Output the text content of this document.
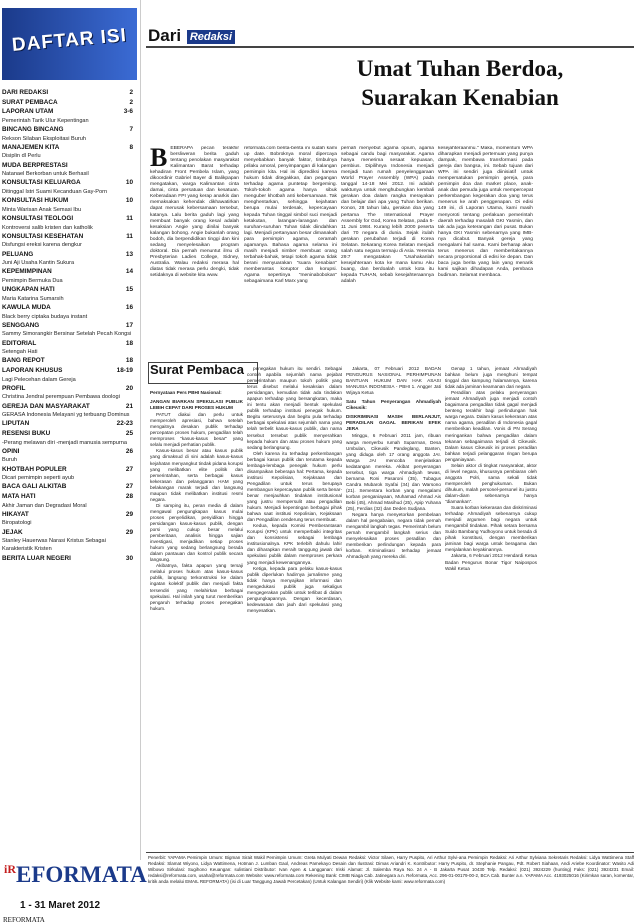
DAFTAR ISI
DARI REDAKSI	2
SURAT PEMBACA	2
LAPORAN UTAM	3-6
Pemerintah Tarik Ulur Kepentingan
BINCANG BINCANG	7
Rekson Silaban Eksploitasi Buruh
MANAJEMEN KITA	8
Disiplin dl Perlu
MUDA BERPRESTASI
Natanael Berkorban untuk Berhasil
KONSULTASI KELUARGA	10
Ditinggal Istri Suami Kecanduan Gay-Porn
KONSULTASI HUKUM	10
Minta Warisan Anak Semasi Ibu
KONSULTASI TEOLOGI	11
Kontroversi salib kristen dan katholik
KONSULTASI KESEHATAN	11
Disfungsi ereksi karena dengkur
PELUANG	13
Juni Aji Usaha Kantin Sukura
KEPEMIMPINAN	14
Pemimpin Bermuka Dua
UNGKAPAN HATI	15
Maria Katarina Sumarsih
KAWULA MUDA	16
Black berry ciptaka budaya instant
SENGGANG	17
Sammy Simorangkir Bersinar Setelah Pecah Kongsi
EDITORIAL	18
Setengah Hati
BANG REPOT	18
LAPORAN KHUSUS	18-19
Lagi Pelecehan dalam Gereja
PROFIL	20
Christina Jendral perempuan Pembawa doologi
GEREJA DAN MASYARAKAT	21
GERASA Indonesia Melayani yg terbuang Dominus
LIPUTAN	22-23
RESENSI BUKU	25
-Perang melawan diri -menjadi manusia sempurna
OPINI	26
Buruh
KHOTBAH POPULER	27
Dicari pemimpin seperti ayub
BACA GALI ALKITAB	27
MATA HATI	28
Akhir Jaman dan Degradasi Moral
HIKAYAT	29
Biropatologi
JEJAK	29
Stanley Hauerwas Narasi Kristus Sebagai Karakteristik Kristen
BERITA LUAR NEGERI	30
Dari Redaksi
Umat Tuhan Berdoa,
Suarakan Kenabian
B EBERAPA pecan terakhir bersliweran berita gaduh tentang penolakan masyarakat Kalimantan Barat terhadap kehadiran Front Pembela Islam, yang dikoordinir Gabriel Bayer di Balikpapan mengatakan, warga Kalimantan cinta damai, cinta persatuan dan kesatuan. Keberadaan FPI yang kerap anarkis dan memaksakan kehendak dikhawatirkan dapat merusak kebersamaan tersebut, katanya. Lalu berita gaduh lagi yang membuat banyak orang kesal adalah kesaksian Angie yang dinilai banyak kalangan bohong. Angie bukanlah orang bodoh, dia berpendidikan tinggi dan kini sedang menyelesaikan program doktoral. Dia pernah menuntut ilmu di Presbyterian Ladies College, Sidney, Australia. Walau redaksi merasa hal diatas tidak merasa perlu dengki, tidak setidaknya di website kita www.
reformata.com berita-berita ini sudah kami up date. Bobroknya moral dipercaya menyebabkan banyak faktor, timbulnya prilaku amoral, penyimpangan di kalangan pemimpin kita. Hal ini diprediksi karena hukum tidak ditegakkan, dan pegangan terhadap agama puntetap bergeming. Tokoh-tokoh agama hanya sibuk menguber khotbah anti kebersamaan. Tak menghentarkan, sehingga kejahatan berupa mulai terdesak, kepercayaan kepada Tuhan tinggal simbol suci menjadi ketakutan, larangan-larangan dan suruhan-suruhan Tuhan tidak diindahkan lagi. Menjadi pertanyaan besar dimanakah para pemimpin agama, ceramah agamanya. Bahasa agama selama ini masih menjadi nimber membuat orang terbahak-bahak, tetapi tokoh agama tidak berani menyuarakan "suara kenabian" memberantas koruptor dan korupsi. Agama sepertinya "meninabobokan" sebagaimana Karl Marx yang
pernah menyebut agama opium, agama sebagai candu bagi masyarakat. Agama hanya menerima sesaat kepuasan, pembius. Dipilihnya Indonesia menjadi menjadi tuan rumah penyelenggaraan World Prayer Assembly (WPA) pada tanggal 14-18 Mei 2012. Ini adalah waktunya untuk menghubungkan kembali gerakan doa dalam rangka merayakan dan belajar dari apa yang Tuhan berikan. Konon, 28 tahun lalu, gerakan doa yang pertama The International Prayer Assembly for God, Korea Selatan, pada 5-11 Juni 1984. Kurang lebih 2000 peserta dari 70 negara di dunia. Sejak itulah gerakan perubahan terjadi di Korea Selatan. Sekarang Korea Selatan menjadi salah satu negara termaju di Asia. Yeremia 29:7 mengatakan "Usahakanlah kesejahteraan kota ke mana kamu Aku buang, dan berdoalah untuk kota itu kepada TUHAN, sebab kesejahteraannya adalah
kesejahteraanmu." Maka, momentum WPA diharapkan menjadi pertemuan yang punya dampak, membawa transformasi pada gereja dan bangsa, ini. Sebab tujuan dari WPA ini sendiri juga diinisiatif untuk mempersatukan pemimpin gereja, para pemimpin doa dan market place, anak-anak dan pemuda juga untuk mempercepat perkembangan kegerakan doa yang terus menerus ke arah penggenapan. Di edisi 149 ini, di Laporan Utama, kami masih menyoroti tentang perlakuan pemerintah daerah terhadap masalah GKI Yasmin, dan tak ada juga keterangan dari pusat. Bukan hanya GKI Yasmin sebenarnya yang IMB-nya dicabut. Banyak gereja yang mengalami hal sama. Kami berharap akan terus menerus dan memberitakannya secara proporsional di edisi ke depan. Dan baca juga berita yang lain yang menarik kami sajikan dihadapan Anda, pembaca budiman. Selamat membaca.
Surat Pembaca

Pernyataan Pers PBHI Nasional:

JANGAN BIARKAN SPEKULASI PUBLIK LEBIH CEPAT DARI PROSES HUKUM

PATUT diakui dan perlu untuk memperoleh apresiasi, bahwa setelah mengaitnya desakan publik terhadap percepatan proses hukum, pengadilan telah memproses "kasus-kasus besar" yang selalu menjadi perhatian publik.

Kasus-kasus besar atau kasus publik yang dimaksud di sini adalah kasus-kasus kejahatan menyangkut tindak pidana korupsi yang melibatkan elite politik dan pemerintahan, serta berbagai kasus kekerasan dan pelanggaran HAM yang belakangan marak terjadi dan langsung maupun tidak melibatkan institusi resmi negara.

Di samping itu, peran media di dalam mengawal pengungkapan kasus mulai proses penyelidikan, penyidikan hingga persidangan kasus-kasus publik, dengan porsi yang cukup besar melalui pemberitaan, analisis hingga sajian investigasi, menjadikan setiap proses hukum yang sedang berlangsung berada dalam pantauan dan kontrol publik secara langsung.

Akibatnya, fakta apapun yang tersaji melalui proses hukum atas kasus-kasus publik, langsung terkonstruksi ke dalam ingatan kolektif publik dan menjadi fakta tersendiri yang melahirkan berbagai spekulasi. Hal inilah yang turut memberikan pengaruh terhadap proses penegakan hukum.

penegakan hukum itu sendiri. Sebagai contoh apabila sejumlah nama pejabat pemerintahan maupun tokoh politik yang terus disebut melalui kesaksian dalam persidangan, kemudian tidak ada tindakan apapun terhadap yang bersangkutan, maka ini tentu akan menjadi bentuk spekulasi publik terhadap institusi penegak hukum. Begitu seterusnya dan begitu pula terhadap berbagai spekulasi atas sejumlah nama yang telah terbelit kasus-kasus publik, dan nama tersebut tersebut publik menyerahkan kepada hukum dan atau proses hukum yang sedang berlangsung.

Oleh karena itu terhadap perkembangan berbagai kasus publik dan terutama kepada lembaga-lembaga penegak hukum perlu disampaikan beberapa hal: Pertama, kepada institusi Kepolisian, Kejaksaan dan Pengadilan untuk terus berupaya membangun kepercayaan publik serta benar-benar menjauhkan tindakan institusional yang justru mempersulit atau pengadilan hukum. Menjadi kepentingan berbagai pihak bahwa saat institusi Kepolisian, Kejaksaan dan Pengadilan cenderung terus membuat.

Kedua, kepada Komisi Pemberantasan Korupsi (KPK) untuk memperbaiki integritas dan konsistensi sebagai lembaga institusionalnya. KPK terlebih dahulu lahir dan diharapkan meraih tanggung jawab dari spekulasi publik dalam memproses perkara yang menjadi kewenangannya.

Ketiga, kepada para pelaku kasus-kasus publik diperlukan hadirnya jurnalisme yang tidak hanya menyajikan informasi dan mengedukasi publik juga sekaligus mengegerakan publik untuk terlibat di dalam pengungkapannya. Dengan kecerdasan, kedewasaan dan jauh dari spekulasi yang menyesatkan.

Jakarta, 07 Februari 2012 BADAN PENGURUS NASIONAL PERHIMPUNAN BANTUAN HUKUM DAN HAK ASASI MANUSIA INDONESIA - PBHI 1. Angger Jati Wijaya Ketua

Satu Tahun Penyerangan Ahmadiyah Cikeusik:

DISKRIMINASI MASIH BERLANJUT, PERADILAN GAGAL BERIKAN EFEK JERA

Minggu, 6 Februari 2011 jam, ribuan warga menyerbu rumah Suparman, Desa Umbulan, Cikeusik Pandeglang, Banten, yang diduga oleh 17 orang anggota JAI. Warga JAI mencoba menjelaskan kedatangan mereka. Akibat penyerangan tersebut, tiga warga Ahmadiyah tewas, bernama Roni Pasaroni (35), Tubagus Candra Mubarok Syafai (34) dan Warsono (21). Sementara korban yang mengalami korban penganiayaan, Muhamad Ahmad Ais Bebi (45), Ahmad Masihud (25), Apip Yuhana (25), Ferdias (32) dan Deden Sudjana.

Negara hanya menyetorkan pembelaan dalam hal pengabaian, negara tidak pernah mengambil langkah tegas. Pemerintah belum pernah mengambil langkah serius dan menyelesaikan proses peradilan dan memberikan perlindungan kepada para korban. Kriminalisasi terhadap jemaat Ahmadiyah yang mereka diri.

Genap 1 tahun, jemaat Ahmadiyah bahkan belum juga menghuni tempat tinggal dan kampung halamannya, karena tidak ada jaminan keamanan dari negara.

Peradilan atas pelaku penyerangan jemaat Ahmadiyah juga menjadi contoh bagaimana pengadilan tidak gagal menjadi benteng terakhir bagi perlindungan hak warga negara. Dalam kasus kekerasan atas nama agama, peradilan di Indonesia gagal memberikan keadilan. Vonis di PN Serang meringankan bahwa pengadilan dalam tekanan sebagaimana terjadi di Cikeusik. Dalam kasus Cikeusik ini proses peradilan bahkan terjadi pelanggaran ringan berupa penganiayaan.

Selain aktor di tingkat masyarakat, aktor di level negara, khususnya pembiaran oleh anggota Polri, sama sekali tidak memperoleh penghukuman. Bukan dihukum, malah personel-personel itu justru dalam-diam sebenarnya hanya "diamankan".

Suara korban kekerasan dan diskriminasi terhadap Ahmadiyah sebenarnya cukup menjadi argumen bagi negara untuk mengambil tindakan. Pihak setara bersama Suido Bambang Yudhoyono untuk berada di pihak konstitusi, dengan memberikan jaminan bagi warga untuk beragama dan menjalankan keyakinannya.

Jakarta, 6 Februari 2012 Hendardi Ketua Badan Pengurus Bonar Tigor Naipospos Wakil Ketua

$^{iR}$EFORMATA
1 - 31 Maret 2012
REFORMATA
Penerbit: YAPAMA Pemimpin Umum: Bigman Sirait Wakil Pemimpin Umum: Greta Mulyati Dewan Redaksi: Victor Silaen, Harry Puspito, Ari Arthur Sylvi-ana Pemimpin Redaksi: Ari Arthur Sylviana Sekretaris Redaksi: Lidya Wattimena Staff Redaksi: Slamat Wiyono, Lidya Wattimena, Hotman J. Lumban Gaol, Andreas Pamekayo Desain dan Ilustrasi: Dimas Ariandri K. Kontributor: Harry Puspito, dr. Stephanie Pangau, Pdt. Robert Siahaan, Andi Ariebe Koordinator: Wasito Adi Wibowo Sirkulasi: Sugihono Keuangan: sulistiani Distributor: Ivan Agen & Langganan: Iriski Alamat: Jl. Salemba Raya No. 24 A - B Jakarta Pusat 10430 Telp. Redaksi: (021) 3924229 (hunting) Faks: (021) 3924231 Email: redaksi@reformata.com, usaha@reformata.com Website: www.reformata.com Rekening Bank: CIMB Niaga Cab. Jatinegara a.n. Reformata, Acc. 296-01-00179-00-2, BCA Cab. Bunter a.n. YAPAMA Acc. 4193025016 (Kirimkan saran, komentar, kritik anda melalui EMAIL REFORMATA) (isi di Luar Tanggung Jawab Percetakan) (Untuk Kalangan Sendiri) (Klik Website kami: www.reformata.com)
